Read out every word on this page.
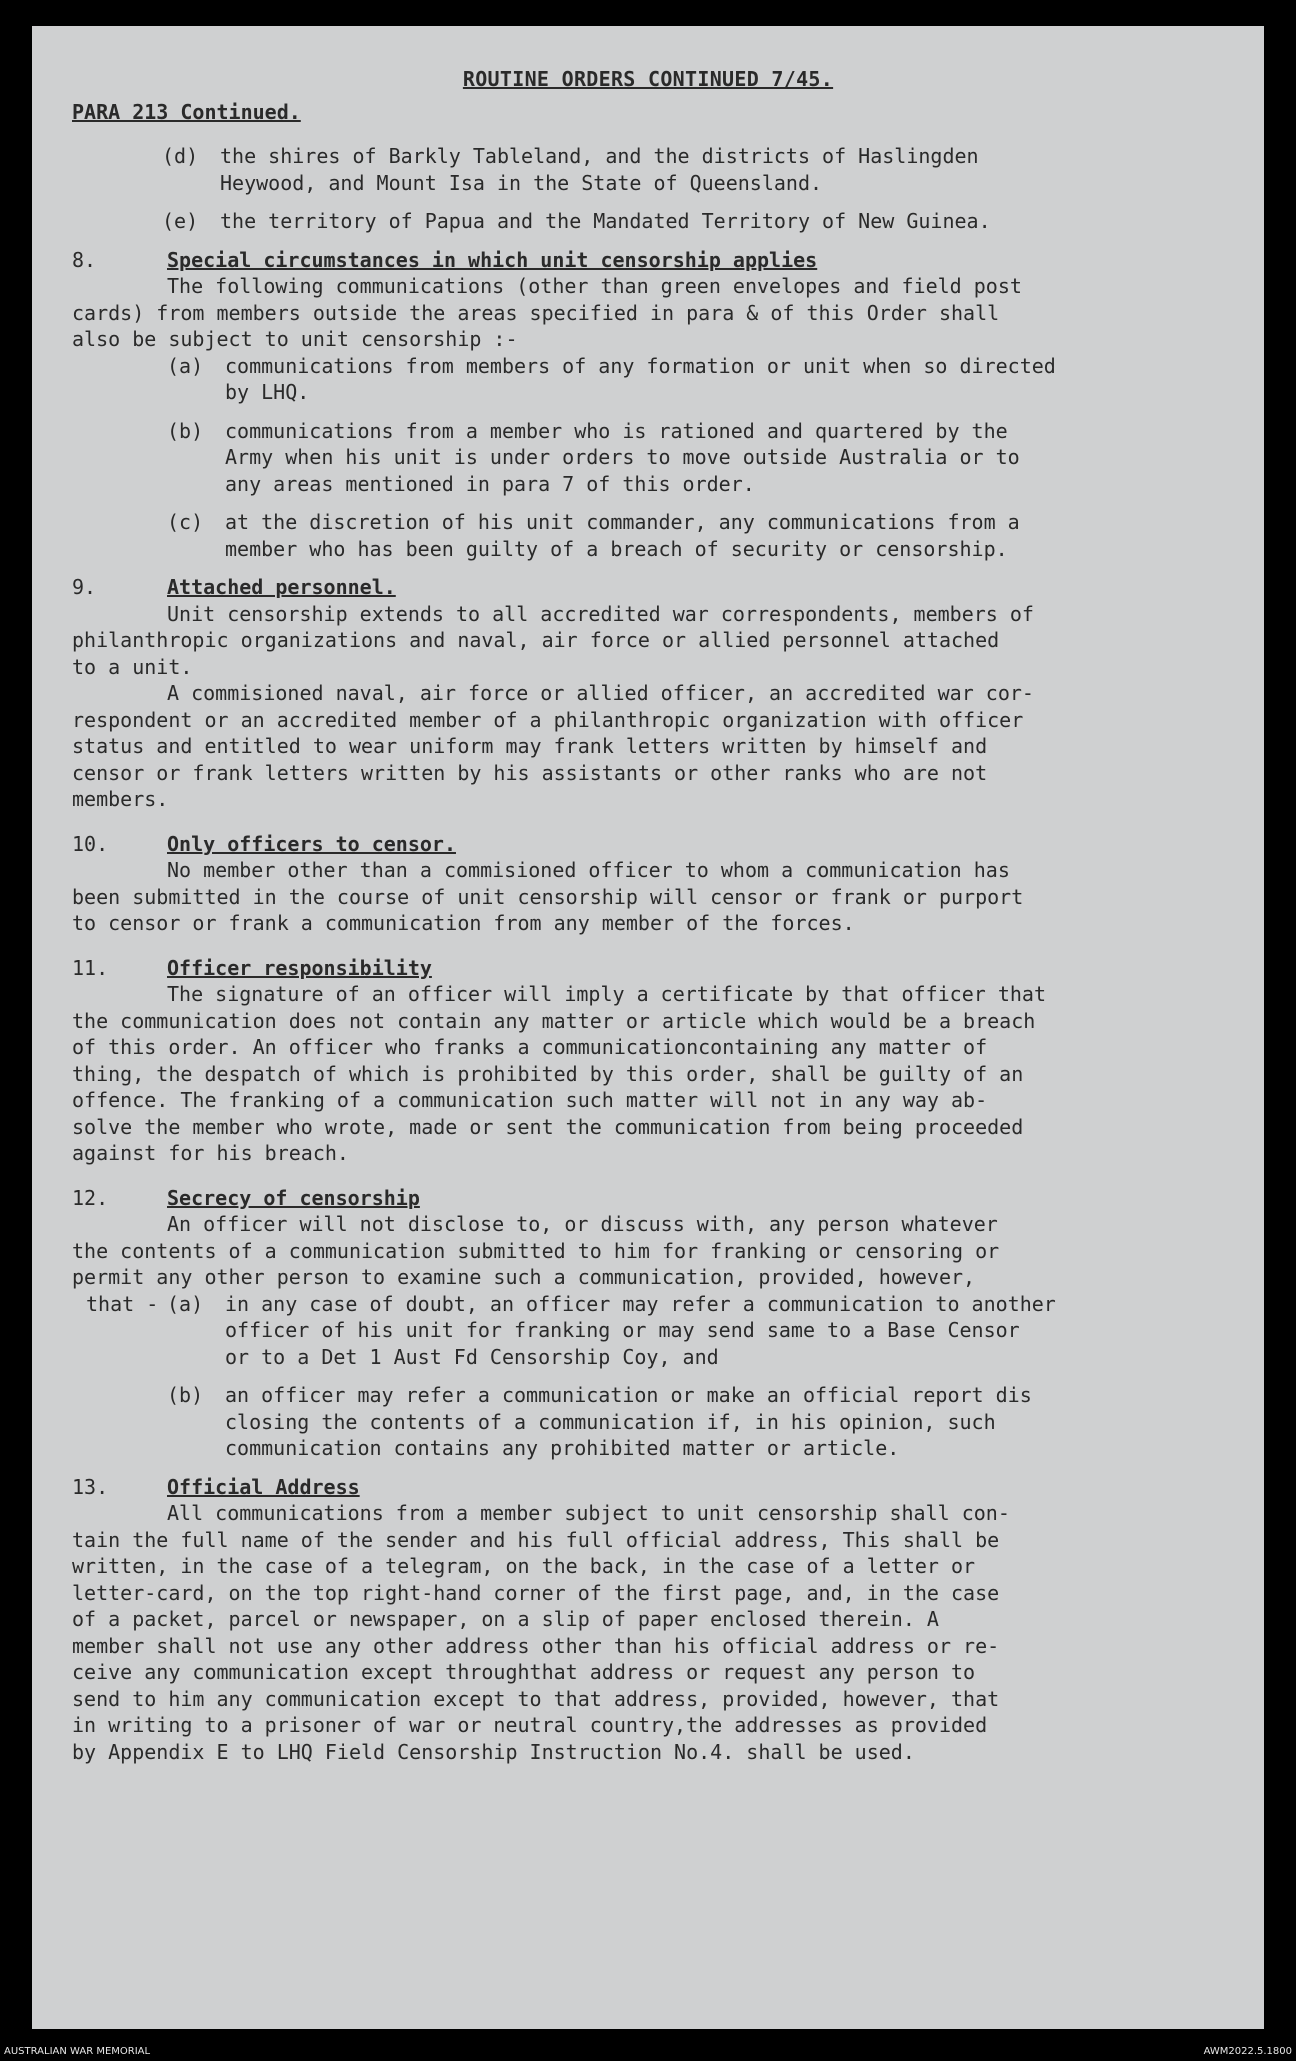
ROUTINE ORDERS CONTINUED 7/45.
PARA 213 Continued.
(d)	the shires of Barkly Tableland, and the districts of Haslingden
Heywood, and Mount Isa in the State of Queensland.
(e)	the territory of Papua and the Mandated Territory of New Guinea.
8.	Special circumstances in which unit censorship applies
The following communications (other than green envelopes and field post
cards) from members outside the areas specified in para & of this Order shall
also be subject to unit censorship :-
(a)	communications from members of any formation or unit when so directed
by LHQ.
(b)	communications from a member who is rationed and quartered by the
Army when his unit is under orders to move outside Australia or to
any areas mentioned in para 7 of this order.
(c)	at the discretion of his unit commander, any communications from a
member who has been guilty of a breach of security or censorship.
9.	Attached personnel.
Unit censorship extends to all accredited war correspondents, members of
philanthropic organizations and naval, air force or allied personnel attached
to a unit.
A commisioned naval, air force or allied officer, an accredited war cor-
respondent or an accredited member of a philanthropic organization with officer
status and entitled to wear uniform may frank letters written by himself and
censor or frank letters written by his assistants or other ranks who are not
members.
10.	Only officers to censor.
No member other than a commisioned officer to whom a communication has
been submitted in the course of unit censorship will censor or frank or purport
to censor or frank a communication from any member of the forces.
11.	Officer responsibility
The signature of an officer will imply a certificate by that officer that
the communication does not contain any matter or article which would be a breach
of this order. An officer who franks a communicationcontaining any matter of
thing, the despatch of which is prohibited by this order, shall be guilty of an
offence. The franking of a communication such matter will not in any way ab-
solve the member who wrote, made or sent the communication from being proceeded
against for his breach.
12.	Secrecy of censorship
An officer will not disclose to, or discuss with, any person whatever
the contents of a communication submitted to him for franking or censoring or
permit any other person to examine such a communication, provided, however,
that - (a)	in any case of doubt, an officer may refer a communication to another
officer of his unit for franking or may send same to a Base Censor
or to a Det 1 Aust Fd Censorship Coy, and
(b)	an officer may refer a communication or make an official report dis
closing the contents of a communication if, in his opinion, such
communication contains any prohibited matter or article.
13.	Official Address
All communications from a member subject to unit censorship shall con-
tain the full name of the sender and his full official address, This shall be
written, in the case of a telegram, on the back, in the case of a letter or
letter-card, on the top right-hand corner of the first page, and, in the case
of a packet, parcel or newspaper, on a slip of paper enclosed therein. A
member shall not use any other address other than his official address or re-
ceive any communication except throughthat address or request any person to
send to him any communication except to that address, provided, however, that
in writing to a prisoner of war or neutral country,the addresses as provided
by Appendix E to LHQ Field Censorship Instruction No.4. shall be used.
AUSTRALIAN WAR MEMORIAL	AWM2022.5.1800
